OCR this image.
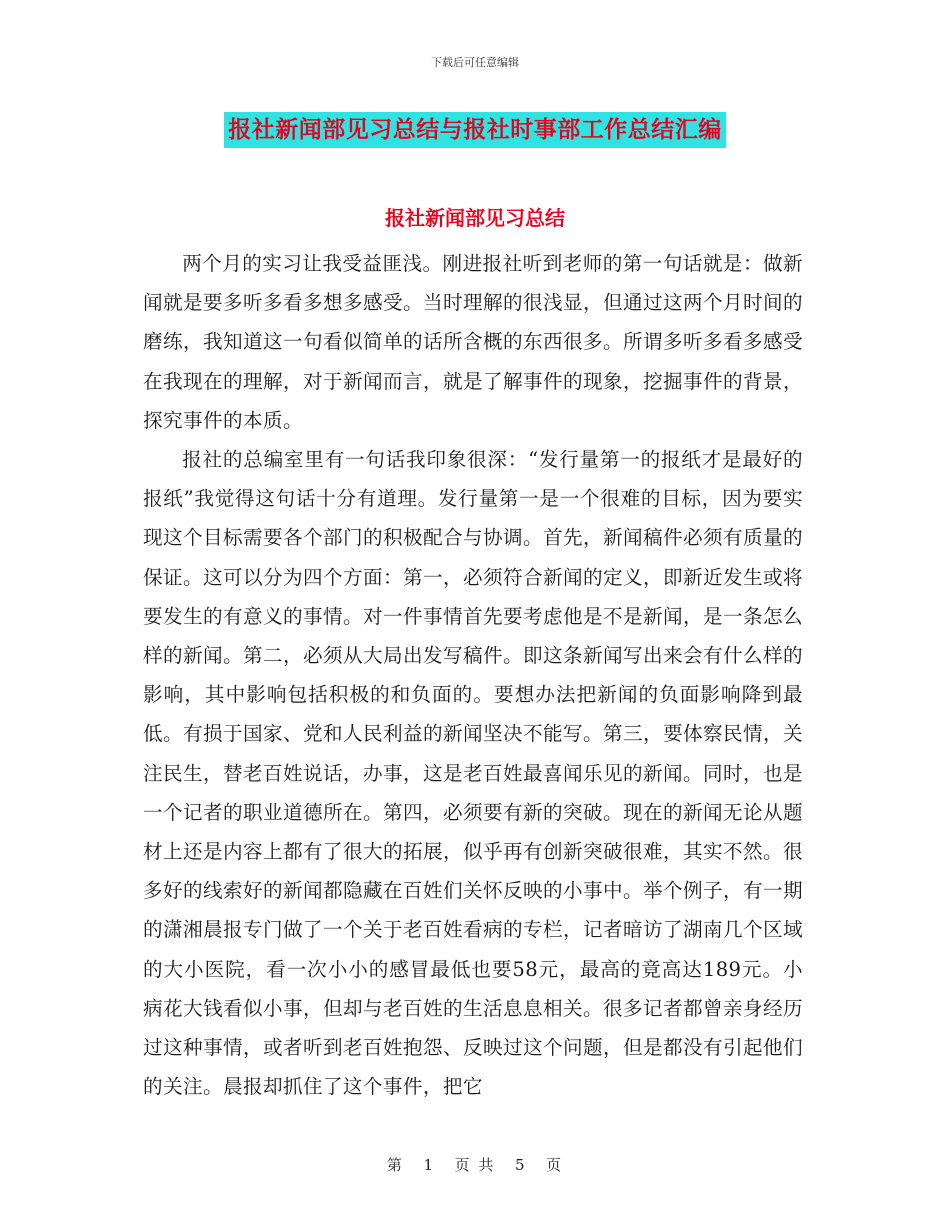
下载后可任意编辑
报社新闻部见习总结与报社时事部工作总结汇编
报社新闻部见习总结

两个月的实习让我受益匪浅。刚进报社听到老师的第一句话就是：做新闻就是要多听多看多想多感受。当时理解的很浅显，但通过这两个月时间的磨练，我知道这一句看似简单的话所含概的东西很多。所谓多听多看多感受在我现在的理解，对于新闻而言，就是了解事件的现象，挖掘事件的背景，探究事件的本质。

报社的总编室里有一句话我印象很深：“发行量第一的报纸才是最好的报纸”我觉得这句话十分有道理。发行量第一是一个很难的目标，因为要实现这个目标需要各个部门的积极配合与协调。首先，新闻稿件必须有质量的保证。这可以分为四个方面：第一，必须符合新闻的定义，即新近发生或将要发生的有意义的事情。对一件事情首先要考虑他是不是新闻，是一条怎么样的新闻。第二，必须从大局出发写稿件。即这条新闻写出来会有什么样的影响，其中影响包括积极的和负面的。要想办法把新闻的负面影响降到最低。有损于国家、党和人民利益的新闻坚决不能写。第三，要体察民情，关注民生，替老百姓说话，办事，这是老百姓最喜闻乐见的新闻。同时，也是一个记者的职业道德所在。第四，必须要有新的突破。现在的新闻无论从题材上还是内容上都有了很大的拓展，似乎再有创新突破很难，其实不然。很多好的线索好的新闻都隐藏在百姓们关怀反映的小事中。举个例子，有一期的潇湘晨报专门做了一个关于老百姓看病的专栏，记者暗访了湖南几个区域的大小医院，看一次小小的感冒最低也要58元，最高的竟高达189元。小病花大钱看似小事，但却与老百姓的生活息息相关。很多记者都曾亲身经历过这种事情，或者听到老百姓抱怨、反映过这个问题，但是都没有引起他们的关注。晨报却抓住了这个事件，把它

第 1 页 共 5 页
